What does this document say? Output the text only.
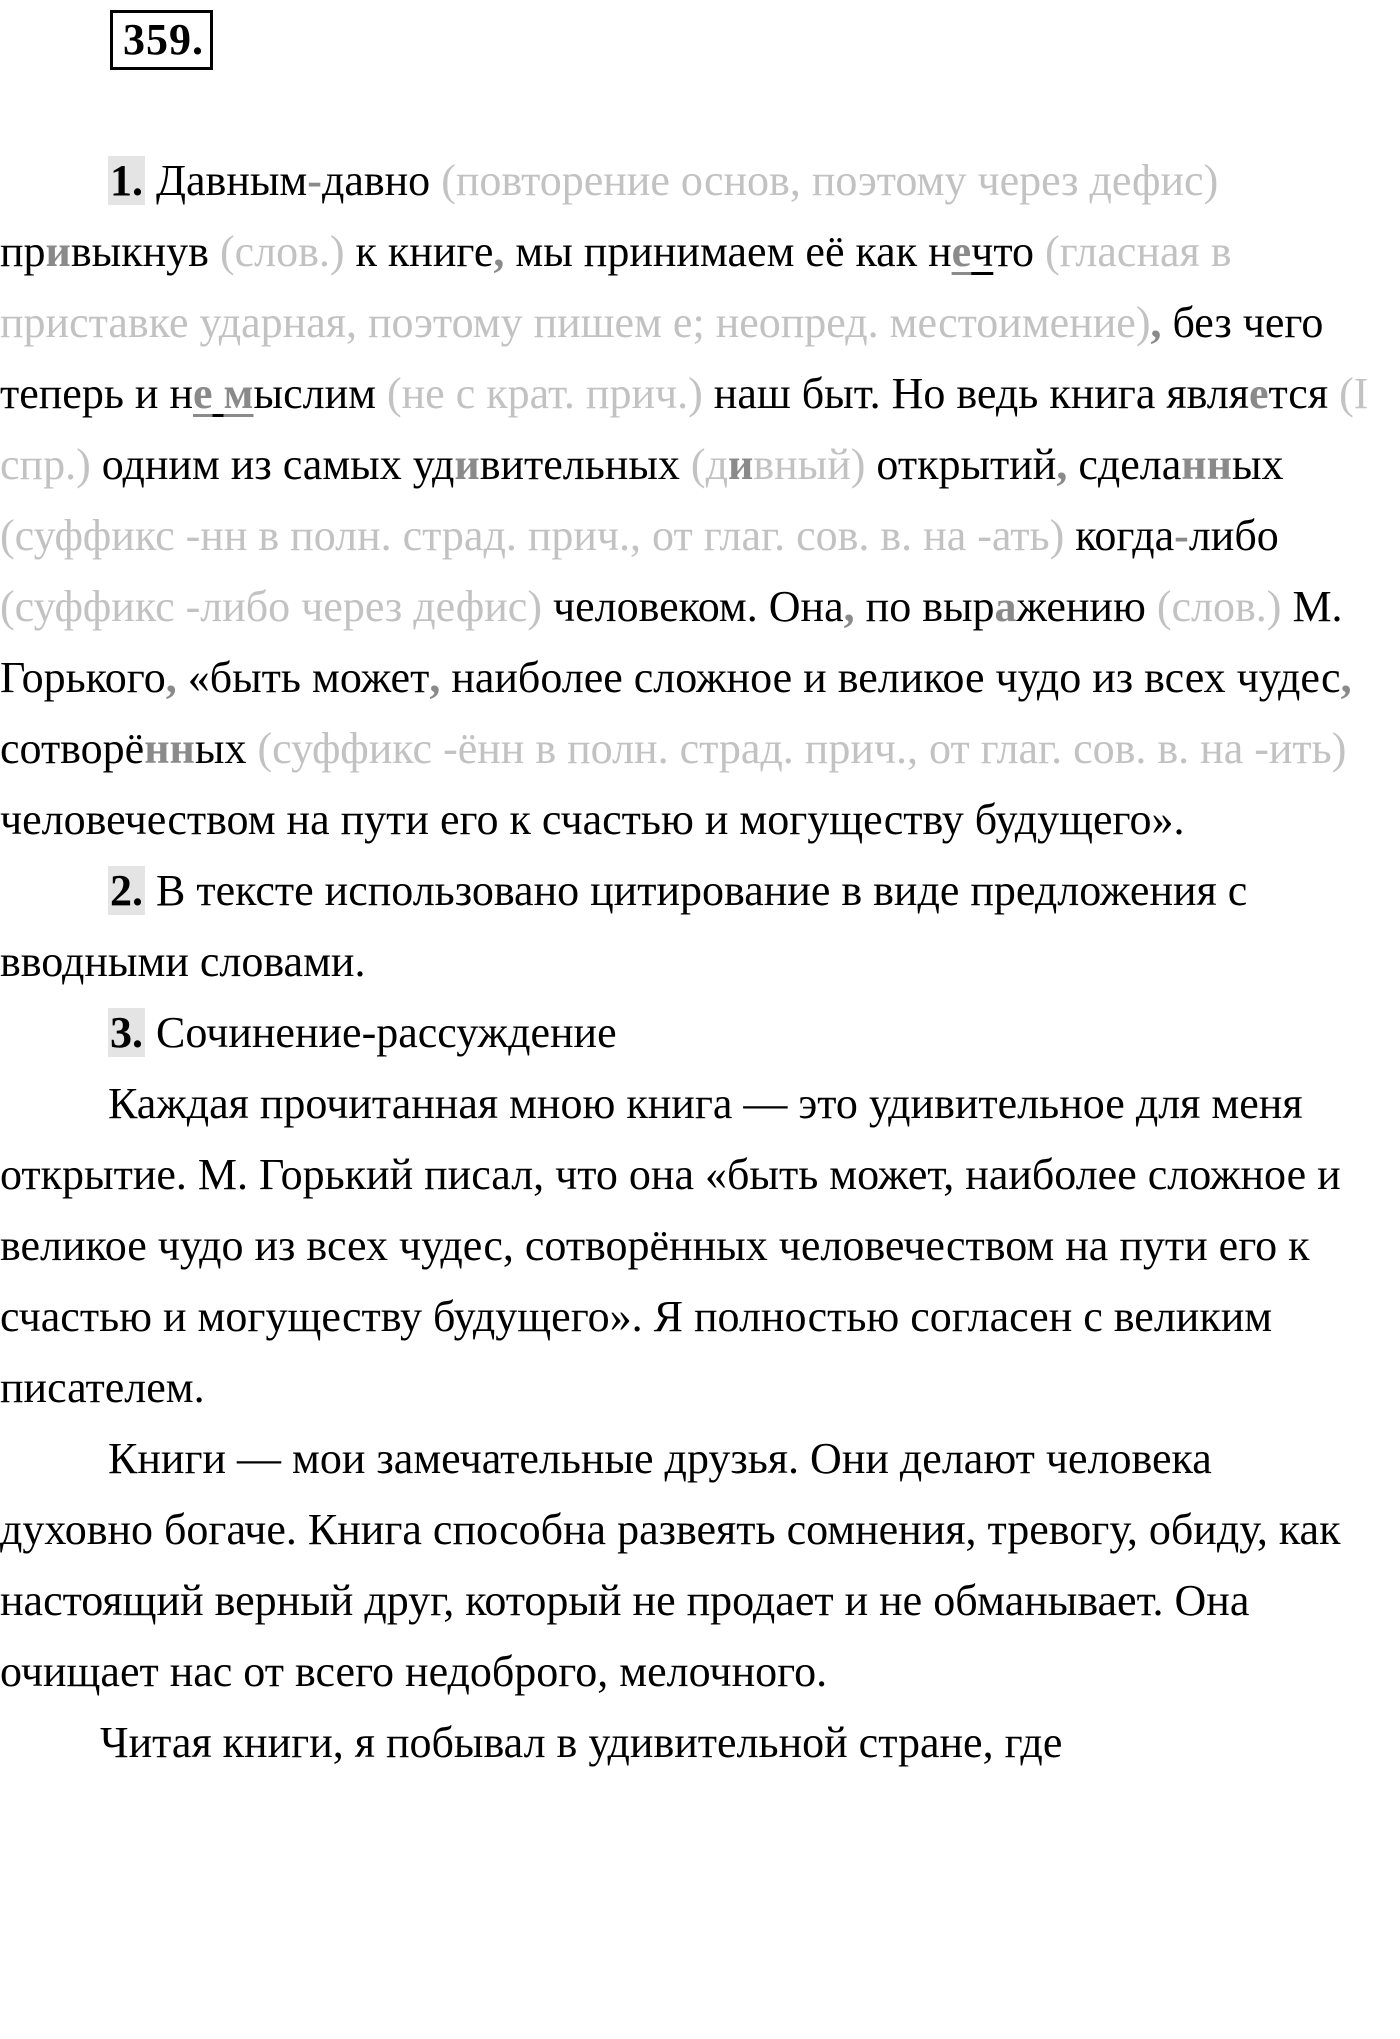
359.

1. Давным-давно (повторение основ, поэтому через дефис) привыкнув (слов.) к книге, мы принимаем её как нечто (гласная в приставке ударная, поэтому пишем е; неопред. местоимение), без чего теперь и не мыслим (не с крат. прич.) наш быт. Но ведь книга является (I спр.) одним из самых удивительных (дивный) открытий, сделанных (суффикс -нн в полн. страд. прич., от глаг. сов. в. на -ать) когда-либо (суффикс -либо через дефис) человеком. Она, по выражению (слов.) М. Горького, «быть может, наиболее сложное и великое чудо из всех чудес, сотворённых (суффикс -ённ в полн. страд. прич., от глаг. сов. в. на -ить) человечеством на пути его к счастью и могуществу будущего».

2. В тексте использовано цитирование в виде предложения с вводными словами.

3. Сочинение-рассуждение

Каждая прочитанная мною книга — это удивительное для меня открытие. М. Горький писал, что она «быть может, наиболее сложное и великое чудо из всех чудес, сотворённых человечеством на пути его к счастью и могуществу будущего». Я полностью согласен с великим писателем.

Книги — мои замечательные друзья. Они делают человека духовно богаче. Книга способна развеять сомнения, тревогу, обиду, как настоящий верный друг, который не продает и не обманывает. Она очищает нас от всего недоброго, мелочного.

Читая книги, я побывал в удивительной стране, где
